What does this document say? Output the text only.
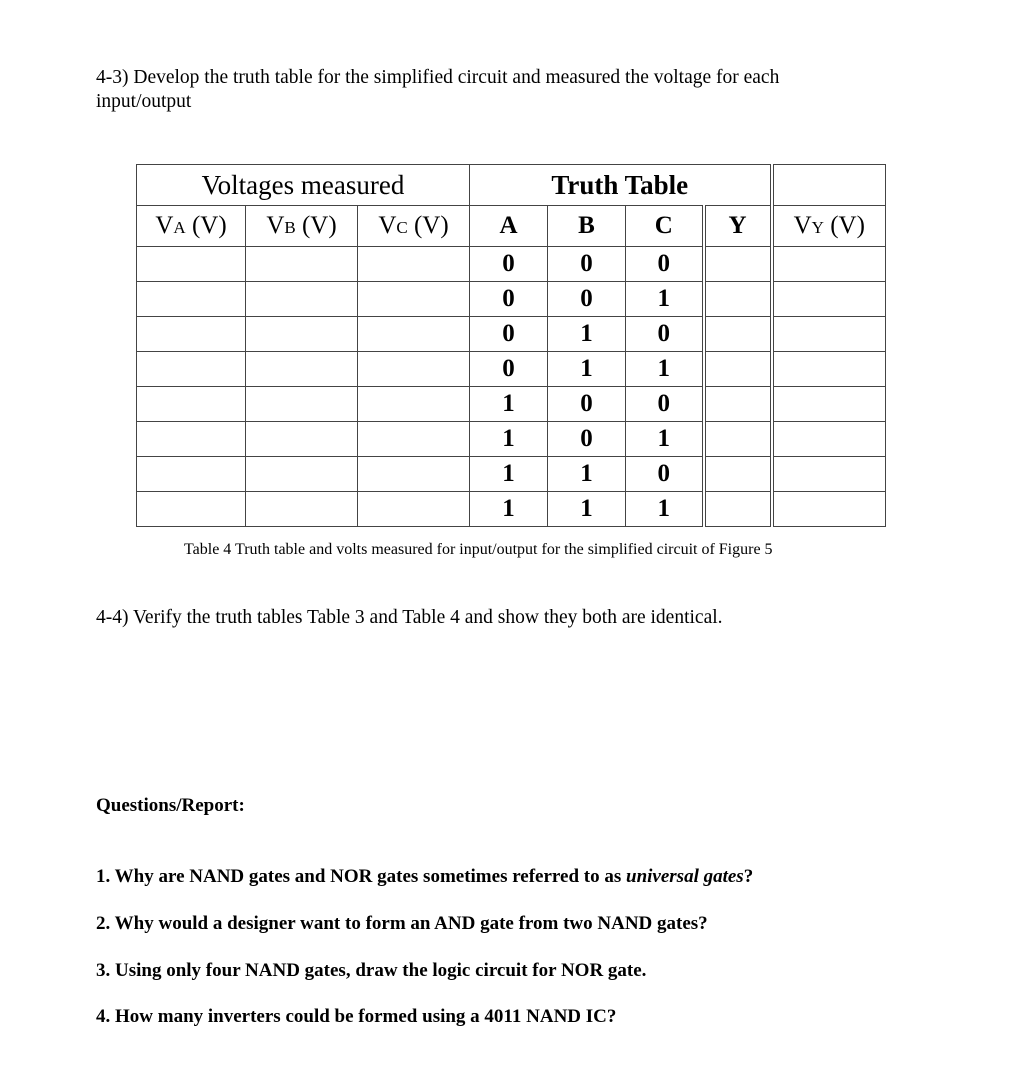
4-3) Develop the truth table for the simplified circuit and measured the voltage for each input/output
Voltages measured			Truth Table				
VA (V)	VB (V)	VC (V)	A	B	C	Y	VY (V)
			0	0	0		
			0	0	1		
			0	1	0		
			0	1	1		
			1	0	0		
			1	0	1		
			1	1	0		
			1	1	1		
Table 4 Truth table and volts measured for input/output for the simplified circuit of Figure 5
4-4) Verify the truth tables Table 3 and Table 4 and show they both are identical.
Questions/Report:
1. Why are NAND gates and NOR gates sometimes referred to as universal gates?
2. Why would a designer want to form an AND gate from two NAND gates?
3. Using only four NAND gates, draw the logic circuit for NOR gate.
4. How many inverters could be formed using a 4011 NAND IC?
